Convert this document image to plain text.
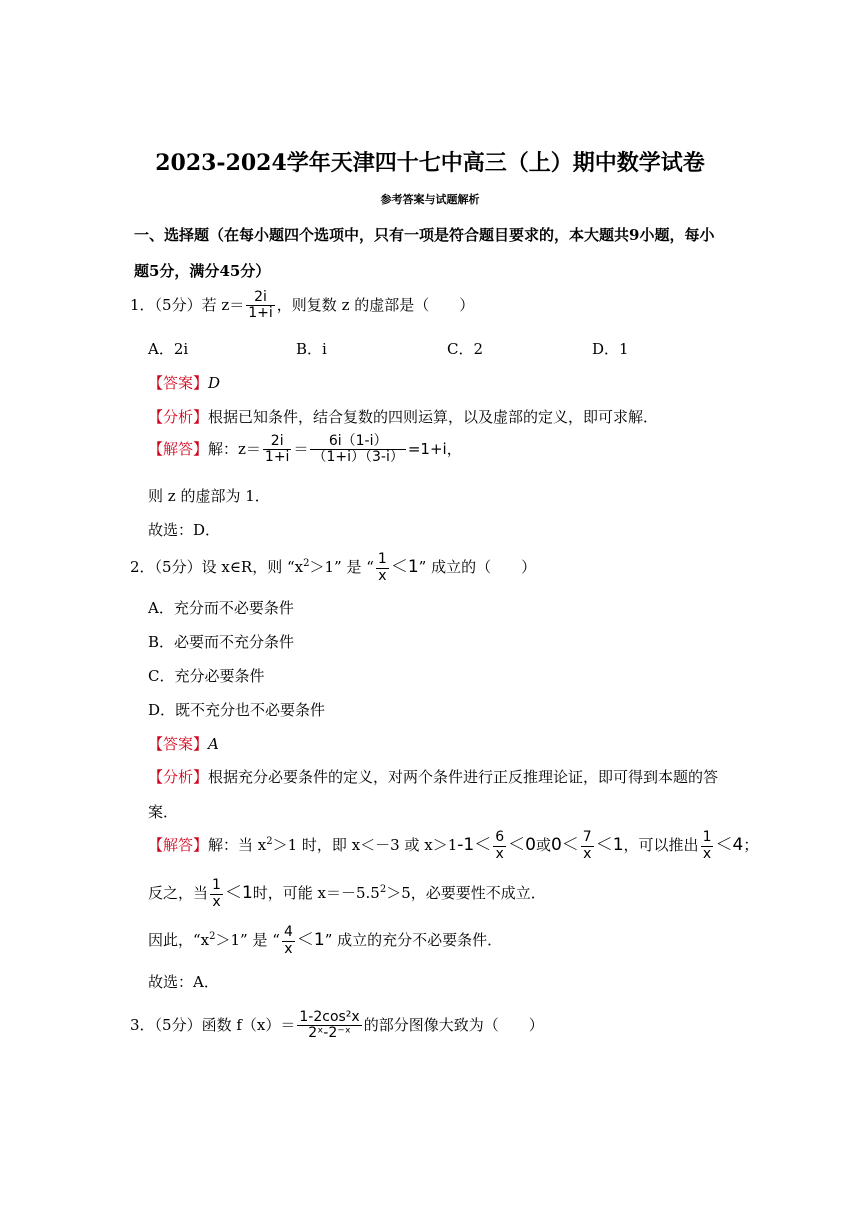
2023-2024学年天津四十七中高三（上）期中数学试卷
参考答案与试题解析
一、选择题（在每小题四个选项中，只有一项是符合题目要求的，本大题共9小题，每小
题5分，满分45分）
1．（5分）若 $z= \frac{2i}{1+i}$ ，则复数 z 的虚部是（　　）
A．2i	B．i	C．2	D．1
【答案】D
【分析】根据已知条件，结合复数的四则运算，以及虚部的定义，即可求解．
【解答】解：$z= \frac{2i}{1+i} = \frac{6i(1-i)}{(1+i)(3-i)} =1+i$，
则 z 的虚部为 1．
故选：D．
2．（5分）设 x∈R，则 “$x^2>1$” 是 “ $\frac{1}{x} <1$” 成立的（　　）
A．充分而不必要条件
B．必要而不充分条件
C．充分必要条件
D．既不充分也不必要条件
【答案】A
【分析】根据充分必要条件的定义，对两个条件进行正反推理论证，即可得到本题的答
案．
【解答】解：当 $x^2>1$ 时，即 x＜－3 或 $x>1-1< \frac{6}{x} <0$或$0< \frac{7}{x} <1$，可以推出 $\frac{1}{x} <4$；
反之，当 $\frac{1}{x} <1$时，可能 $x=-5.5^2>5$，必要要性不成立．
因此，“$x^2>1$” 是 “ $\frac{4}{x} <1$” 成立的充分不必要条件．
故选：A．
3．（5分）函数 $f(x)= \frac{\text{1-2cos²x}}{\text{2ˣ-2⁻ˣ}}$ 的部分图像大致为（　　）
